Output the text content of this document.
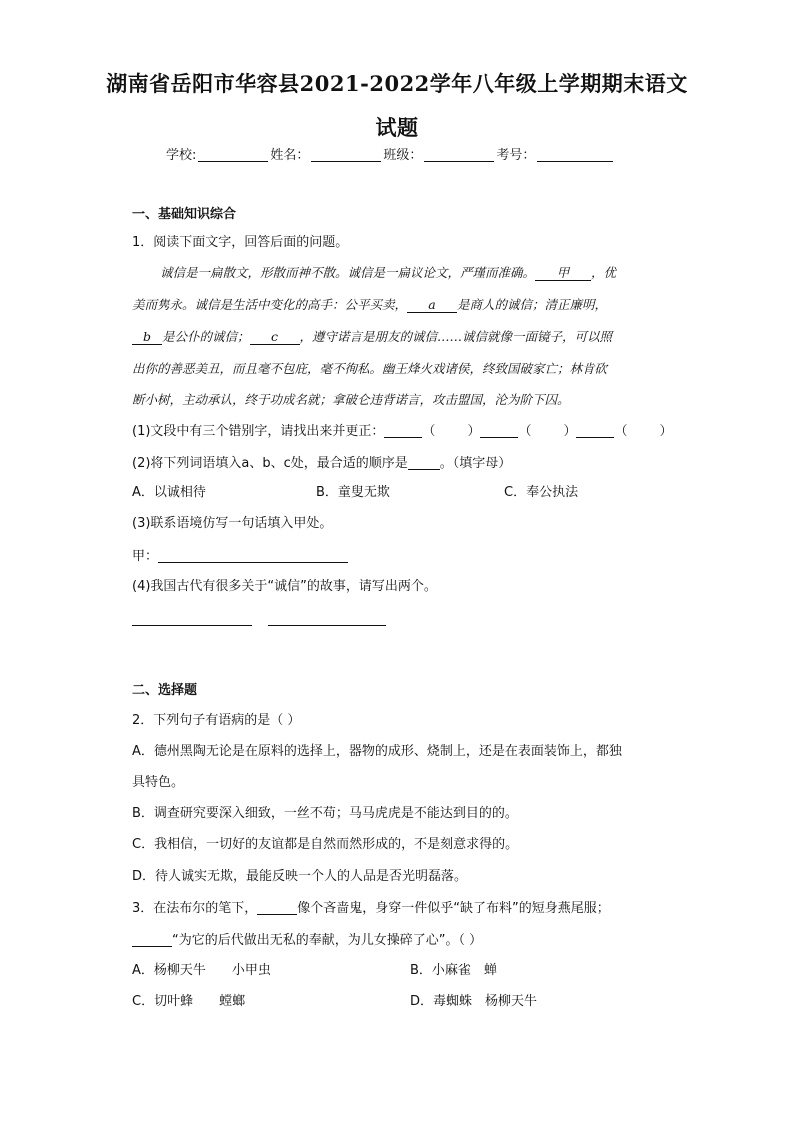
湖南省岳阳市华容县2021-2022学年八年级上学期期末语文
试题
学校:	姓名：	班级：	考号：
一、基础知识综合
1．阅读下面文字，回答后面的问题。
诚信是一扁散文，形散而神不散。诚信是一扁议论文，严瑾而准确。 甲 ，优
美而隽永。诚信是生活中变化的高手：公平买卖， a 是商人的诚信；清正廉明，
b 是公仆的诚信； c ，遵守诺言是朋友的诚信……诚信就像一面镜子，可以照
出你的善恶美丑，而且毫不包庇，毫不徇私。幽王烽火戏诸侯，终致国破家亡；林肯砍
断小树，主动承认，终于功成名就；拿破仑违背诺言，攻击盟国，沦为阶下囚。
(1)文段中有三个错别字，请找出来并更正：	（ ）	（ ）	（ ）
(2)将下列词语填入a、b、c处，最合适的顺序是 。（填字母）
A．以诚相待	B．童叟无欺	C．奉公执法
(3)联系语境仿写一句话填入甲处。
甲：
(4)我国古代有很多关于“诚信”的故事，请写出两个。
二、选择题
2．下列句子有语病的是（ ）
A．德州黑陶无论是在原料的选择上，器物的成形、烧制上，还是在表面装饰上，都独
具特色。
B．调查研究要深入细致，一丝不苟；马马虎虎是不能达到目的的。
C．我相信，一切好的友谊都是自然而然形成的，不是刻意求得的。
D．待人诚实无欺，最能反映一个人的人品是否光明磊落。
3．在法布尔的笔下，	像个吝啬鬼，身穿一件似乎“缺了布料”的短身燕尾服；
“为它的后代做出无私的奉献，为儿女操碎了心”。（ ）
A．杨柳天牛　　小甲虫	B．小麻雀　蝉
C．切叶蜂　　螳螂	D．毒蜘蛛　杨柳天牛
